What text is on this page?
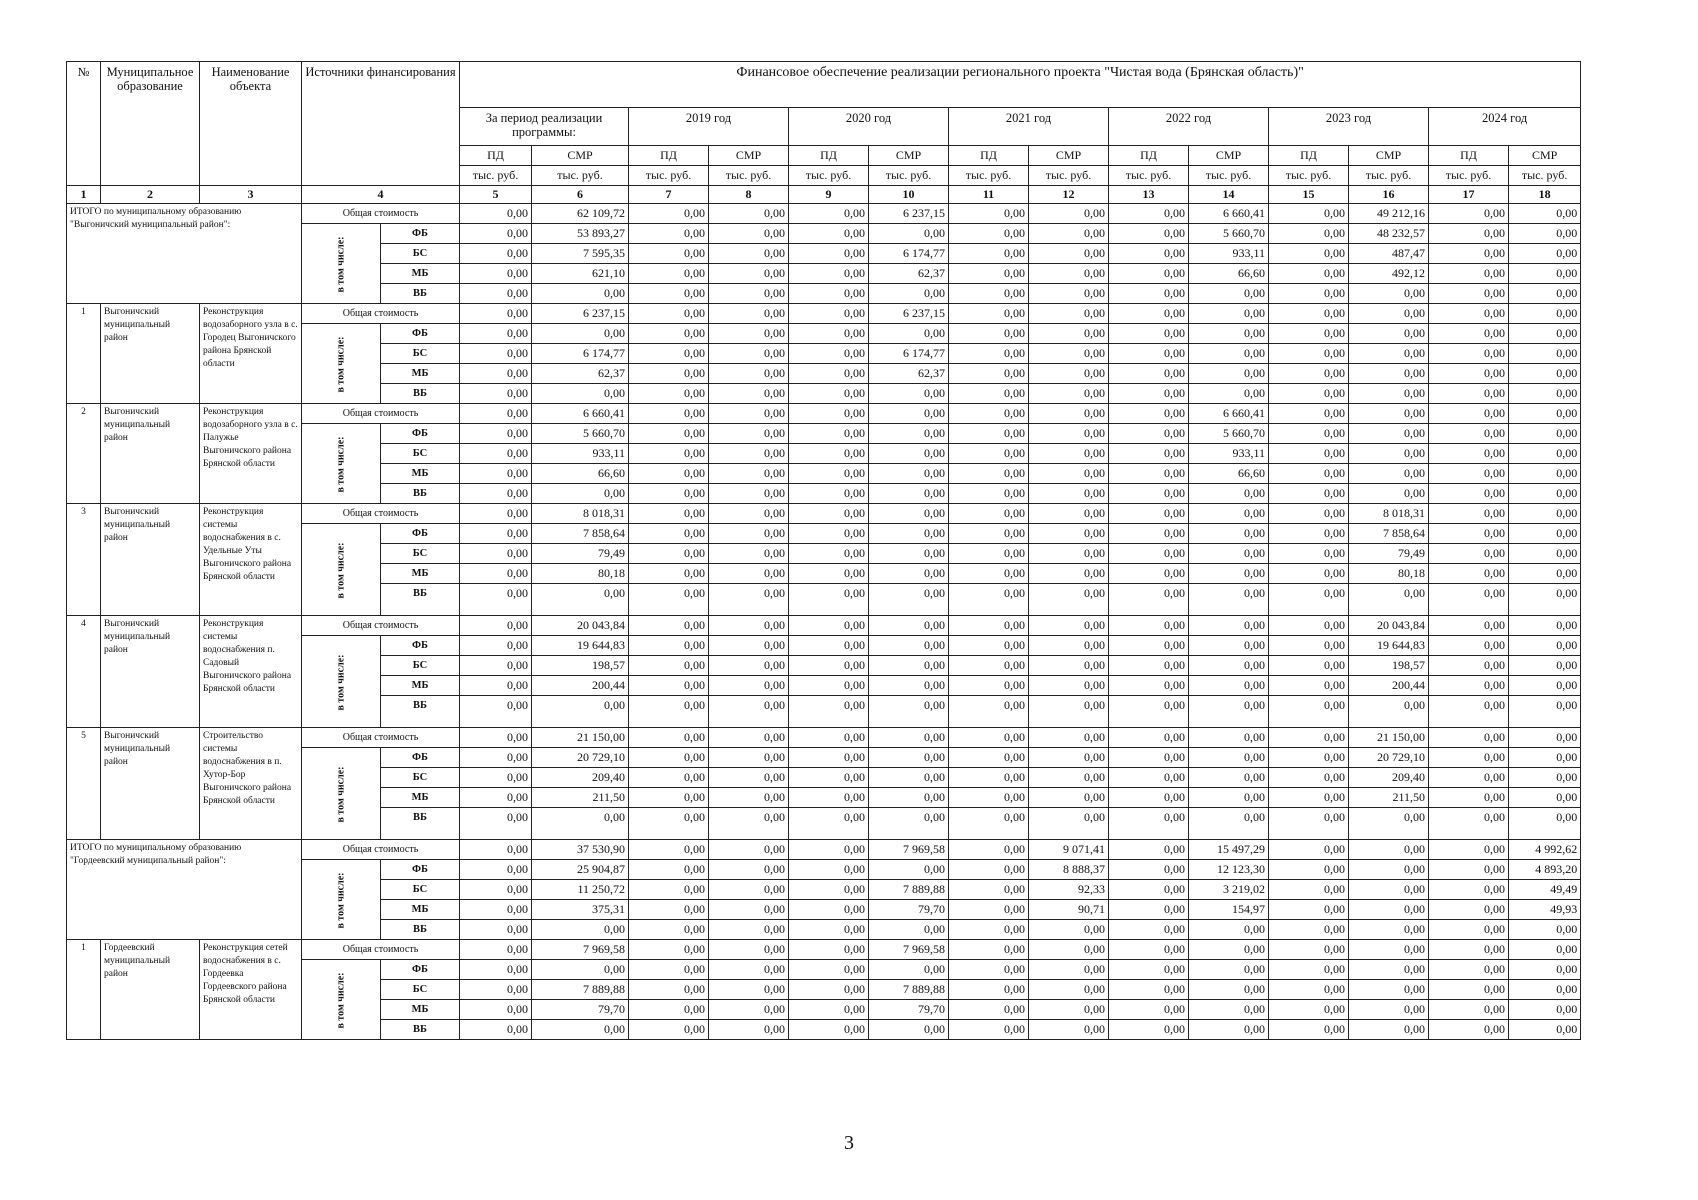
№	Муниципальное образование	Наименование объекта	Источники финансирования		Финансовое обеспечение реализации регионального проекта "Чистая вода (Брянская область)"													
					За период реализации программы:		2019 год		2020 год		2021 год		2022 год		2023 год		2024 год	
					ПД	СМР	ПД	СМР	ПД	СМР	ПД	СМР	ПД	СМР	ПД	СМР	ПД	СМР
					тыс. руб.	тыс. руб.	тыс. руб.	тыс. руб.	тыс. руб.	тыс. руб.	тыс. руб.	тыс. руб.	тыс. руб.	тыс. руб.	тыс. руб.	тыс. руб.	тыс. руб.	тыс. руб.
1	2	3	4		5	6	7	8	9	10	11	12	13	14	15	16	17	18
ИТОГО по муниципальному образованию "Выгоничский муниципальный район":			Общая стоимость		0,00	62 109,72	0,00	0,00	0,00	6 237,15	0,00	0,00	0,00	6 660,41	0,00	49 212,16	0,00	0,00
			в том числе:	ФБ	0,00	53 893,27	0,00	0,00	0,00	0,00	0,00	0,00	0,00	5 660,70	0,00	48 232,57	0,00	0,00
				БС	0,00	7 595,35	0,00	0,00	0,00	6 174,77	0,00	0,00	0,00	933,11	0,00	487,47	0,00	0,00
				МБ	0,00	621,10	0,00	0,00	0,00	62,37	0,00	0,00	0,00	66,60	0,00	492,12	0,00	0,00
				ВБ	0,00	0,00	0,00	0,00	0,00	0,00	0,00	0,00	0,00	0,00	0,00	0,00	0,00	0,00
1	Выгоничский муниципальный район	Реконструкция водозаборного узла в с. Городец Выгоничского района Брянской области	Общая стоимость		0,00	6 237,15	0,00	0,00	0,00	6 237,15	0,00	0,00	0,00	0,00	0,00	0,00	0,00	0,00
			в том числе:	ФБ	0,00	0,00	0,00	0,00	0,00	0,00	0,00	0,00	0,00	0,00	0,00	0,00	0,00	0,00
				БС	0,00	6 174,77	0,00	0,00	0,00	6 174,77	0,00	0,00	0,00	0,00	0,00	0,00	0,00	0,00
				МБ	0,00	62,37	0,00	0,00	0,00	62,37	0,00	0,00	0,00	0,00	0,00	0,00	0,00	0,00
				ВБ	0,00	0,00	0,00	0,00	0,00	0,00	0,00	0,00	0,00	0,00	0,00	0,00	0,00	0,00
2	Выгоничский муниципальный район	Реконструкция водозаборного узла в с. Палужье Выгоничского района Брянской области	Общая стоимость		0,00	6 660,41	0,00	0,00	0,00	0,00	0,00	0,00	0,00	6 660,41	0,00	0,00	0,00	0,00
			в том числе:	ФБ	0,00	5 660,70	0,00	0,00	0,00	0,00	0,00	0,00	0,00	5 660,70	0,00	0,00	0,00	0,00
				БС	0,00	933,11	0,00	0,00	0,00	0,00	0,00	0,00	0,00	933,11	0,00	0,00	0,00	0,00
				МБ	0,00	66,60	0,00	0,00	0,00	0,00	0,00	0,00	0,00	66,60	0,00	0,00	0,00	0,00
				ВБ	0,00	0,00	0,00	0,00	0,00	0,00	0,00	0,00	0,00	0,00	0,00	0,00	0,00	0,00
3	Выгоничский муниципальный район	Реконструкция системы водоснабжения в с. Удельные Уты Выгоничского района Брянской области	Общая стоимость		0,00	8 018,31	0,00	0,00	0,00	0,00	0,00	0,00	0,00	0,00	0,00	8 018,31	0,00	0,00
			в том числе:	ФБ	0,00	7 858,64	0,00	0,00	0,00	0,00	0,00	0,00	0,00	0,00	0,00	7 858,64	0,00	0,00
				БС	0,00	79,49	0,00	0,00	0,00	0,00	0,00	0,00	0,00	0,00	0,00	79,49	0,00	0,00
				МБ	0,00	80,18	0,00	0,00	0,00	0,00	0,00	0,00	0,00	0,00	0,00	80,18	0,00	0,00
				ВБ	0,00	0,00	0,00	0,00	0,00	0,00	0,00	0,00	0,00	0,00	0,00	0,00	0,00	0,00
4	Выгоничский муниципальный район	Реконструкция системы водоснабжения п. Садовый Выгоничского района Брянской области	Общая стоимость		0,00	20 043,84	0,00	0,00	0,00	0,00	0,00	0,00	0,00	0,00	0,00	20 043,84	0,00	0,00
			в том числе:	ФБ	0,00	19 644,83	0,00	0,00	0,00	0,00	0,00	0,00	0,00	0,00	0,00	19 644,83	0,00	0,00
				БС	0,00	198,57	0,00	0,00	0,00	0,00	0,00	0,00	0,00	0,00	0,00	198,57	0,00	0,00
				МБ	0,00	200,44	0,00	0,00	0,00	0,00	0,00	0,00	0,00	0,00	0,00	200,44	0,00	0,00
				ВБ	0,00	0,00	0,00	0,00	0,00	0,00	0,00	0,00	0,00	0,00	0,00	0,00	0,00	0,00
5	Выгоничский муниципальный район	Строительство системы водоснабжения в п. Хутор-Бор Выгоничского района Брянской области	Общая стоимость		0,00	21 150,00	0,00	0,00	0,00	0,00	0,00	0,00	0,00	0,00	0,00	21 150,00	0,00	0,00
			в том числе:	ФБ	0,00	20 729,10	0,00	0,00	0,00	0,00	0,00	0,00	0,00	0,00	0,00	20 729,10	0,00	0,00
				БС	0,00	209,40	0,00	0,00	0,00	0,00	0,00	0,00	0,00	0,00	0,00	209,40	0,00	0,00
				МБ	0,00	211,50	0,00	0,00	0,00	0,00	0,00	0,00	0,00	0,00	0,00	211,50	0,00	0,00
				ВБ	0,00	0,00	0,00	0,00	0,00	0,00	0,00	0,00	0,00	0,00	0,00	0,00	0,00	0,00
ИТОГО по муниципальному образованию "Гордеевский муниципальный район":			Общая стоимость		0,00	37 530,90	0,00	0,00	0,00	7 969,58	0,00	9 071,41	0,00	15 497,29	0,00	0,00	0,00	4 992,62
			в том числе:	ФБ	0,00	25 904,87	0,00	0,00	0,00	0,00	0,00	8 888,37	0,00	12 123,30	0,00	0,00	0,00	4 893,20
				БС	0,00	11 250,72	0,00	0,00	0,00	7 889,88	0,00	92,33	0,00	3 219,02	0,00	0,00	0,00	49,49
				МБ	0,00	375,31	0,00	0,00	0,00	79,70	0,00	90,71	0,00	154,97	0,00	0,00	0,00	49,93
				ВБ	0,00	0,00	0,00	0,00	0,00	0,00	0,00	0,00	0,00	0,00	0,00	0,00	0,00	0,00
1	Гордеевский муниципальный район	Реконструкция сетей водоснабжения в с. Гордеевка Гордеевского района Брянской области	Общая стоимость		0,00	7 969,58	0,00	0,00	0,00	7 969,58	0,00	0,00	0,00	0,00	0,00	0,00	0,00	0,00
			в том числе:	ФБ	0,00	0,00	0,00	0,00	0,00	0,00	0,00	0,00	0,00	0,00	0,00	0,00	0,00	0,00
				БС	0,00	7 889,88	0,00	0,00	0,00	7 889,88	0,00	0,00	0,00	0,00	0,00	0,00	0,00	0,00
				МБ	0,00	79,70	0,00	0,00	0,00	79,70	0,00	0,00	0,00	0,00	0,00	0,00	0,00	0,00
				ВБ	0,00	0,00	0,00	0,00	0,00	0,00	0,00	0,00	0,00	0,00	0,00	0,00	0,00	0,00
3
